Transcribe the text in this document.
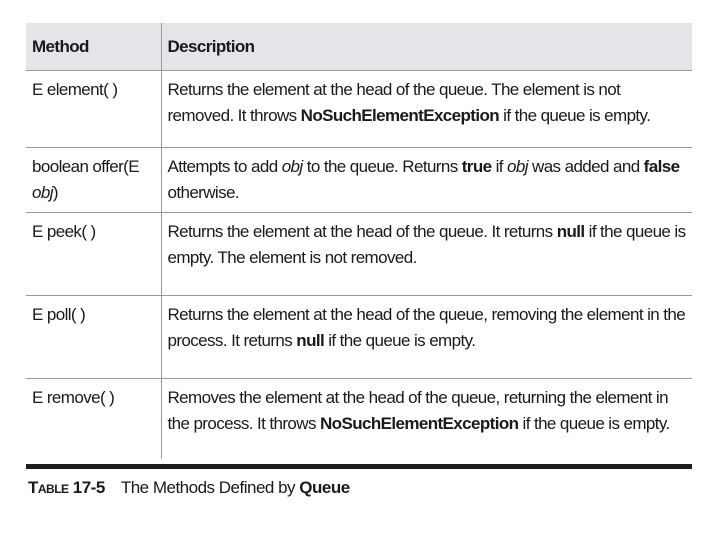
Method	Description
E element( )	Returns the element at the head of the queue. The element is not removed. It throws NoSuchElementException if the queue is empty.
boolean offer(E obj)	Attempts to add obj to the queue. Returns true if obj was added and false otherwise.
E peek( )	Returns the element at the head of the queue. It returns null if the queue is empty. The element is not removed.
E poll( )	Returns the element at the head of the queue, removing the element in the process. It returns null if the queue is empty.
E remove( )	Removes the element at the head of the queue, returning the element in the process. It throws NoSuchElementException if the queue is empty.
Table 17-5 The Methods Defined by Queue
